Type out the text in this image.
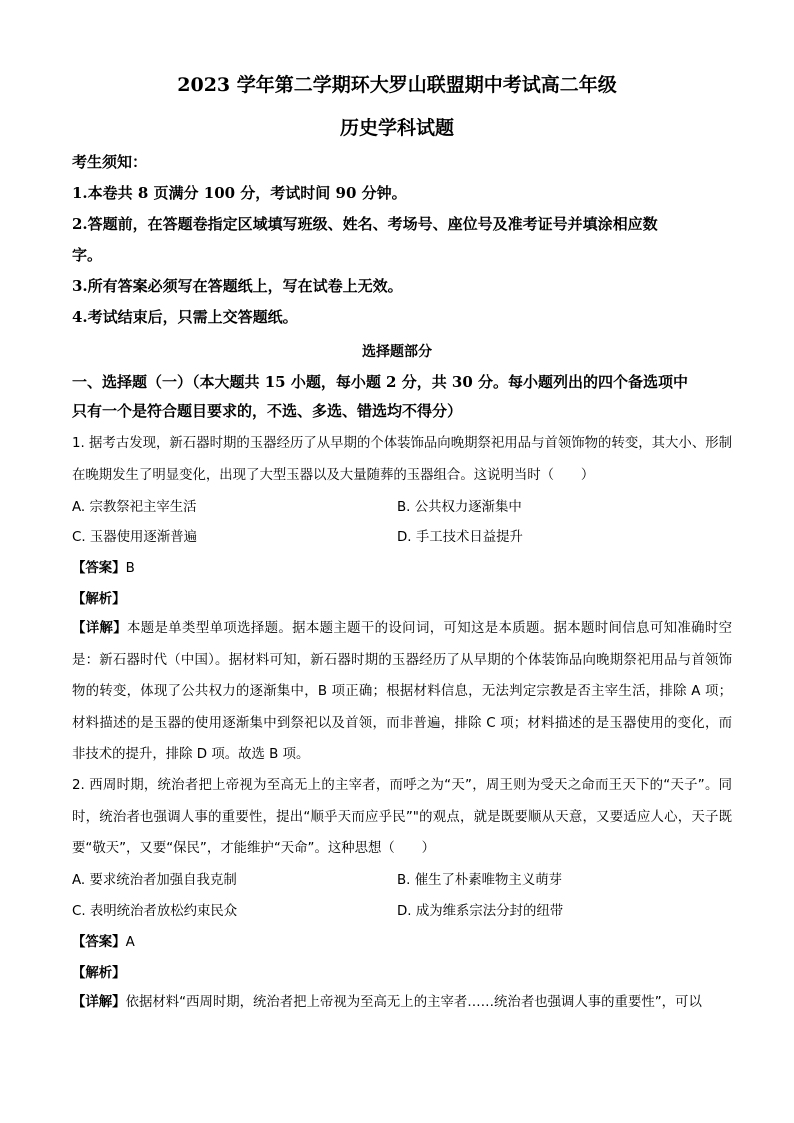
2023 学年第二学期环大罗山联盟期中考试高二年级
历史学科试题
考生须知：
1.本卷共 8 页满分 100 分，考试时间 90 分钟。
2.答题前，在答题卷指定区域填写班级、姓名、考场号、座位号及准考证号并填涂相应数
字。
3.所有答案必须写在答题纸上，写在试卷上无效。
4.考试结束后，只需上交答题纸。
选择题部分
一、选择题（一）（本大题共 15 小题，每小题 2 分，共 30 分。每小题列出的四个备选项中
只有一个是符合题目要求的，不选、多选、错选均不得分）
1. 据考古发现，新石器时期的玉器经历了从早期的个体装饰品向晚期祭祀用品与首领饰物的转变，其大小、形制在晚期发生了明显变化，出现了大型玉器以及大量随葬的玉器组合。这说明当时（　　）
A. 宗教祭祀主宰生活	B. 公共权力逐渐集中
C. 玉器使用逐渐普遍	D. 手工技术日益提升
【答案】B
【解析】
【详解】本题是单类型单项选择题。据本题主题干的设问词，可知这是本质题。据本题时间信息可知准确时空是：新石器时代（中国）。据材料可知，新石器时期的玉器经历了从早期的个体装饰品向晚期祭祀用品与首领饰物的转变，体现了公共权力的逐渐集中，B 项正确；根据材料信息，无法判定宗教是否主宰生活，排除 A 项；材料描述的是玉器的使用逐渐集中到祭祀以及首领，而非普遍，排除 C 项；材料描述的是玉器使用的变化，而非技术的提升，排除 D 项。故选 B 项。
2. 西周时期，统治者把上帝视为至高无上的主宰者，而呼之为“天”，周王则为受天之命而王天下的“天子”。同时，统治者也强调人事的重要性，提出“顺乎天而应乎民”"的观点，就是既要顺从天意，又要适应人心，天子既要“敬天”，又要“保民”，才能维护“天命”。这种思想（　　）
A. 要求统治者加强自我克制	B. 催生了朴素唯物主义萌芽
C. 表明统治者放松约束民众	D. 成为维系宗法分封的纽带
【答案】A
【解析】
【详解】依据材料“西周时期，统治者把上帝视为至高无上的主宰者……统治者也强调人事的重要性”，可以
